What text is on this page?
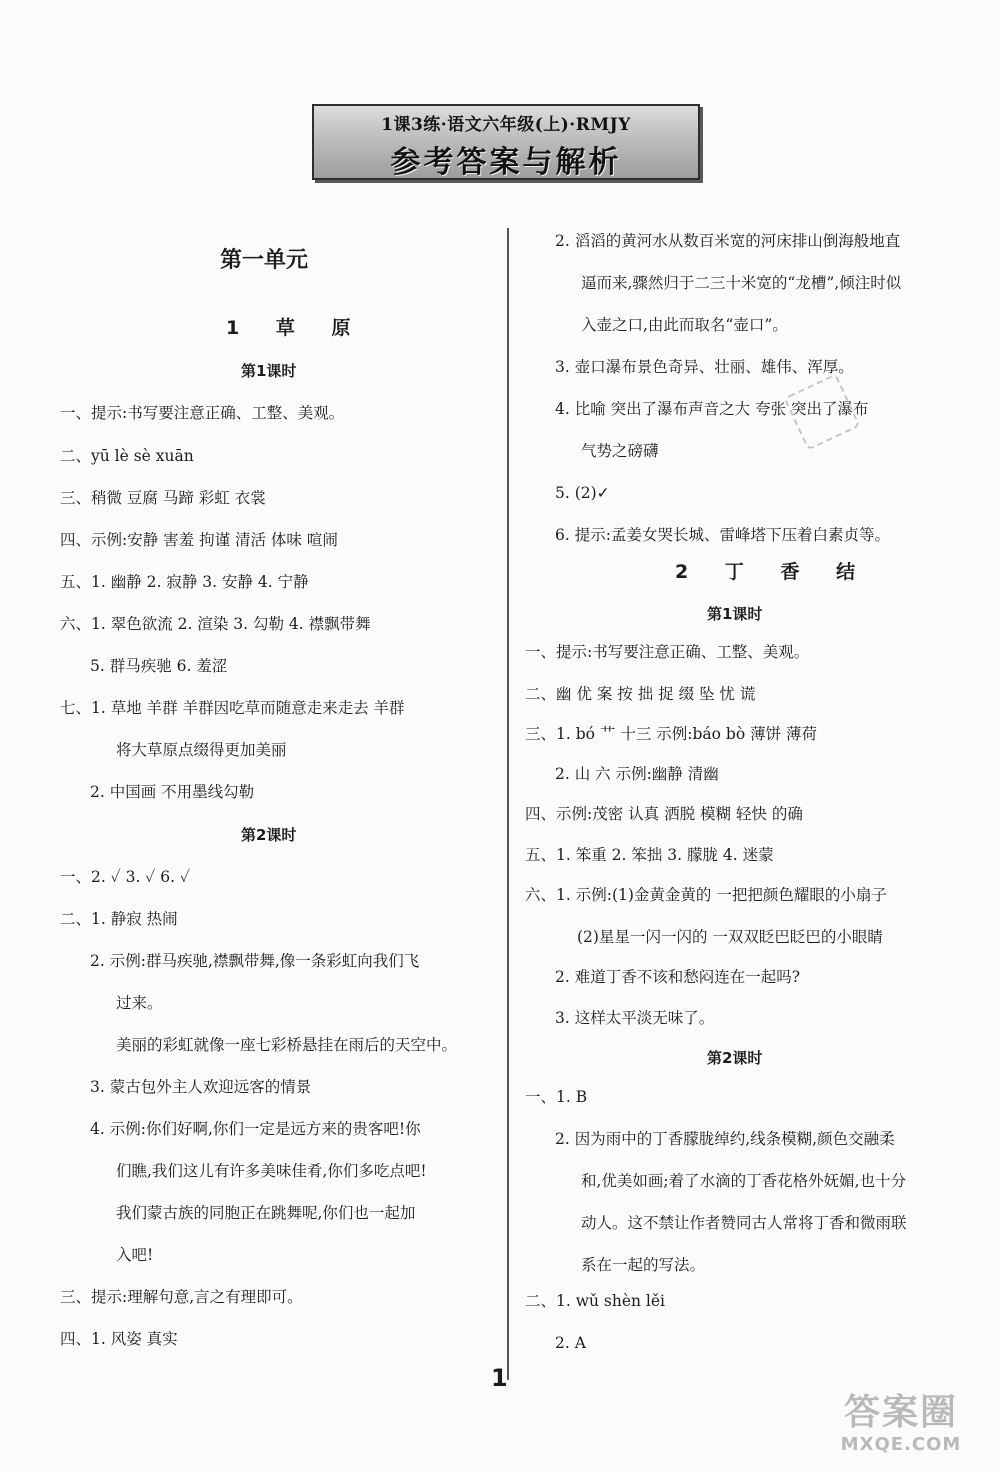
1课3练·语文六年级(上)·RMJY
参考答案与解析
第一单元
1 草 原
第1课时
一、提示:书写要注意正确、工整、美观。
二、yū lè sè xuān
三、稍微 豆腐 马蹄 彩虹 衣裳
四、示例:安静 害羞 拘谨 清活 体味 喧闹
五、1. 幽静 2. 寂静 3. 安静 4. 宁静
六、1. 翠色欲流 2. 渲染 3. 勾勒 4. 襟飘带舞
5. 群马疾驰 6. 羞涩
七、1. 草地 羊群 羊群因吃草而随意走来走去 羊群
将大草原点缀得更加美丽
2. 中国画 不用墨线勾勒
第2课时
一、2. ✓ 3. ✓ 6. ✓
二、1. 静寂 热闹
2. 示例:群马疾驰,襟飘带舞,像一条彩虹向我们飞
过来。
美丽的彩虹就像一座七彩桥悬挂在雨后的天空中。
3. 蒙古包外主人欢迎远客的情景
4. 示例:你们好啊,你们一定是远方来的贵客吧!你
们瞧,我们这儿有许多美味佳肴,你们多吃点吧!
我们蒙古族的同胞正在跳舞呢,你们也一起加
入吧!
三、提示:理解句意,言之有理即可。
四、1. 风姿 真实
2. 滔滔的黄河水从数百米宽的河床排山倒海般地直
逼而来,骤然归于二三十米宽的“龙槽”,倾注时似
入壶之口,由此而取名“壶口”。
3. 壶口瀑布景色奇异、壮丽、雄伟、浑厚。
4. 比喻 突出了瀑布声音之大 夸张 突出了瀑布
气势之磅礴
5. (2)✓
6. 提示:孟姜女哭长城、雷峰塔下压着白素贞等。
2 丁 香 结
第1课时
一、提示:书写要注意正确、工整、美观。
二、幽 优 案 按 拙 捉 缀 坠 忧 谎
三、1. bó 艹 十三 示例:báo bò 薄饼 薄荷
2. 山 六 示例:幽静 清幽
四、示例:茂密 认真 洒脱 模糊 轻快 的确
五、1. 笨重 2. 笨拙 3. 朦胧 4. 迷蒙
六、1. 示例:(1)金黄金黄的 一把把颜色耀眼的小扇子
(2)星星一闪一闪的 一双双眨巴眨巴的小眼睛
2. 难道丁香不该和愁闷连在一起吗?
3. 这样太平淡无味了。
第2课时
一、1. B
2. 因为雨中的丁香朦胧绰约,线条模糊,颜色交融柔
和,优美如画;着了水滴的丁香花格外妩媚,也十分
动人。这不禁让作者赞同古人常将丁香和微雨联
系在一起的写法。
二、1. wǔ shèn lěi
2. A
1
答案圈
MXQE.COM
